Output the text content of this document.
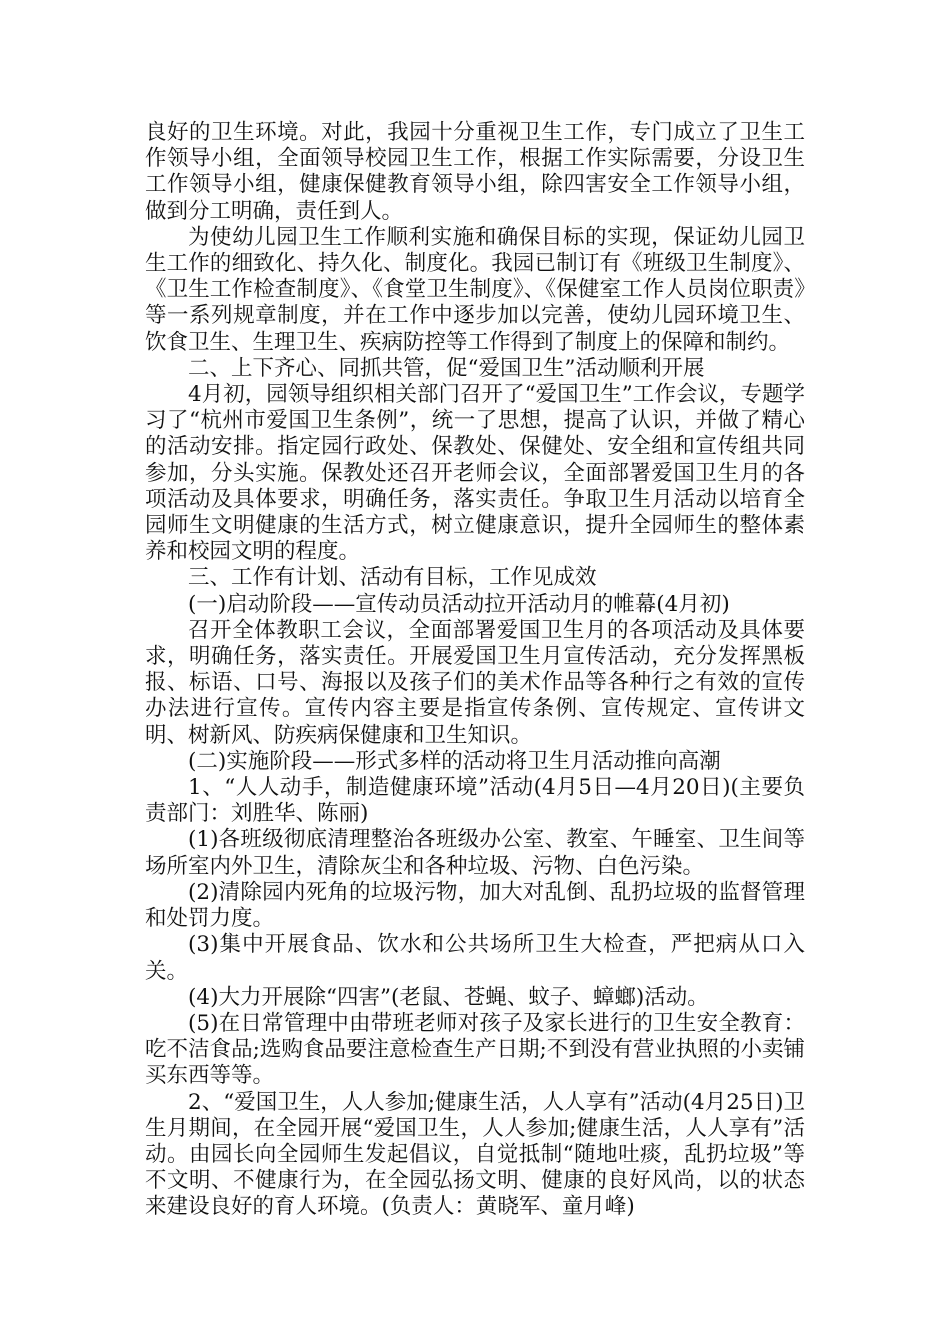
良好的卫生环境。对此，我园十分重视卫生工作，专门成立了卫生工作领导小组，全面领导校园卫生工作，根据工作实际需要，分设卫生工作领导小组，健康保健教育领导小组，除四害安全工作领导小组，做到分工明确，责任到人。

为使幼儿园卫生工作顺利实施和确保目标的实现，保证幼儿园卫生工作的细致化、持久化、制度化。我园已制订有《班级卫生制度》、《卫生工作检查制度》、《食堂卫生制度》、《保健室工作人员岗位职责》等一系列规章制度，并在工作中逐步加以完善，使幼儿园环境卫生、饮食卫生、生理卫生、疾病防控等工作得到了制度上的保障和制约。

二、上下齐心、同抓共管，促“爱国卫生”活动顺利开展

4月初，园领导组织相关部门召开了“爱国卫生”工作会议，专题学习了“杭州市爱国卫生条例”，统一了思想，提高了认识，并做了精心的活动安排。指定园行政处、保教处、保健处、安全组和宣传组共同参加，分头实施。保教处还召开老师会议，全面部署爱国卫生月的各项活动及具体要求，明确任务，落实责任。争取卫生月活动以培育全园师生文明健康的生活方式，树立健康意识，提升全园师生的整体素养和校园文明的程度。

三、工作有计划、活动有目标，工作见成效

(一)启动阶段——宣传动员活动拉开活动月的帷幕(4月初)

召开全体教职工会议，全面部署爱国卫生月的各项活动及具体要求，明确任务，落实责任。开展爱国卫生月宣传活动，充分发挥黑板报、标语、口号、海报以及孩子们的美术作品等各种行之有效的宣传办法进行宣传。宣传内容主要是指宣传条例、宣传规定、宣传讲文明、树新风、防疾病保健康和卫生知识。

(二)实施阶段——形式多样的活动将卫生月活动推向高潮

1、“人人动手，制造健康环境”活动(4月5日—4月20日)(主要负责部门：刘胜华、陈丽)

(1)各班级彻底清理整治各班级办公室、教室、午睡室、卫生间等场所室内外卫生，清除灰尘和各种垃圾、污物、白色污染。

(2)清除园内死角的垃圾污物，加大对乱倒、乱扔垃圾的监督管理和处罚力度。

(3)集中开展食品、饮水和公共场所卫生大检查，严把病从口入关。

(4)大力开展除“四害”(老鼠、苍蝇、蚊子、蟑螂)活动。

(5)在日常管理中由带班老师对孩子及家长进行的卫生安全教育：吃不洁食品;选购食品要注意检查生产日期;不到没有营业执照的小卖铺买东西等等。

2、“爱国卫生，人人参加;健康生活，人人享有”活动(4月25日)卫生月期间，在全园开展“爱国卫生，人人参加;健康生活，人人享有”活动。由园长向全园师生发起倡议，自觉抵制“随地吐痰，乱扔垃圾”等不文明、不健康行为，在全园弘扬文明、健康的良好风尚，以的状态来建设良好的育人环境。(负责人：黄晓军、童月峰)
